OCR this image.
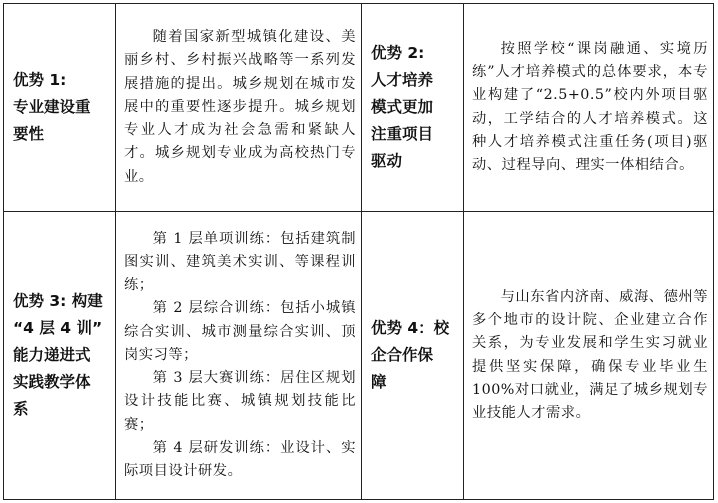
优势 1:
专业建设重
要性	随着国家新型城镇化建设、美丽乡村、乡村振兴战略等一系列发展措施的提出。城乡规划在城市发展中的重要性逐步提升。城乡规划专业人才成为社会急需和紧缺人才。城乡规划专业成为高校热门专业。	优势 2:
人才培养
模式更加
注重项目
驱动	按照学校“课岗融通、实境历练”人才培养模式的总体要求，本专业构建了“2.5+0.5”校内外项目驱动，工学结合的人才培养模式。这种人才培养模式注重任务(项目)驱动、过程导向、理实一体相结合。

优势 3: 构建
“4 层 4 训”
能力递进式
实践教学体
系	第 1 层单项训练：包括建筑制图实训、建筑美术实训、等课程训练；
第 2 层综合训练：包括小城镇综合实训、城市测量综合实训、顶岗实习等；
第 3 层大赛训练：居住区规划设计技能比赛、城镇规划技能比赛；
第 4 层研发训练：业设计、实际项目设计研发。	优势 4：校
企合作保
障	与山东省内济南、威海、德州等多个地市的设计院、企业建立合作关系，为专业发展和学生实习就业提供坚实保障，确保专业毕业生 100%对口就业，满足了城乡规划专业技能人才需求。
